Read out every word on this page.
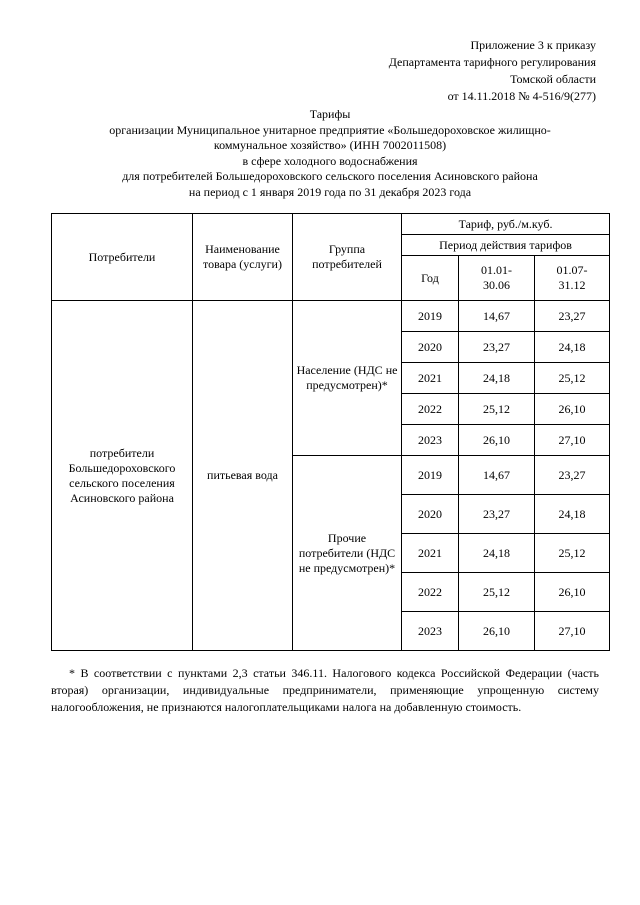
Приложение 3 к приказу
Департамента тарифного регулирования
Томской области
от 14.11.2018 № 4-516/9(277)
Тарифы
организации Муниципальное унитарное предприятие «Большедороховское жилищно-
коммунальное хозяйство» (ИНН 7002011508)
в сфере холодного водоснабжения
для потребителей Большедороховского сельского поселения Асиновского района
на период с 1 января 2019 года по 31 декабря 2023 года
Потребители	Наименование товара (услуги)	Группа потребителей	Тариф, руб./м.куб.		
			Период действия тарифов		
			Год	01.01-
30.06	01.07-
31.12
потребители Большедороховского сельского поселения Асиновского района	питьевая вода	Население (НДС не предусмотрен)*	2019	14,67	23,27
			2020	23,27	24,18
			2021	24,18	25,12
			2022	25,12	26,10
			2023	26,10	27,10
		Прочие потребители (НДС не предусмотрен)*	2019	14,67	23,27
			2020	23,27	24,18
			2021	24,18	25,12
			2022	25,12	26,10
			2023	26,10	27,10
* В соответствии с пунктами 2,3 статьи 346.11. Налогового кодекса Российской Федерации (часть вторая) организации, индивидуальные предприниматели, применяющие упрощенную систему налогообложения, не признаются налогоплательщиками налога на добавленную стоимость.
